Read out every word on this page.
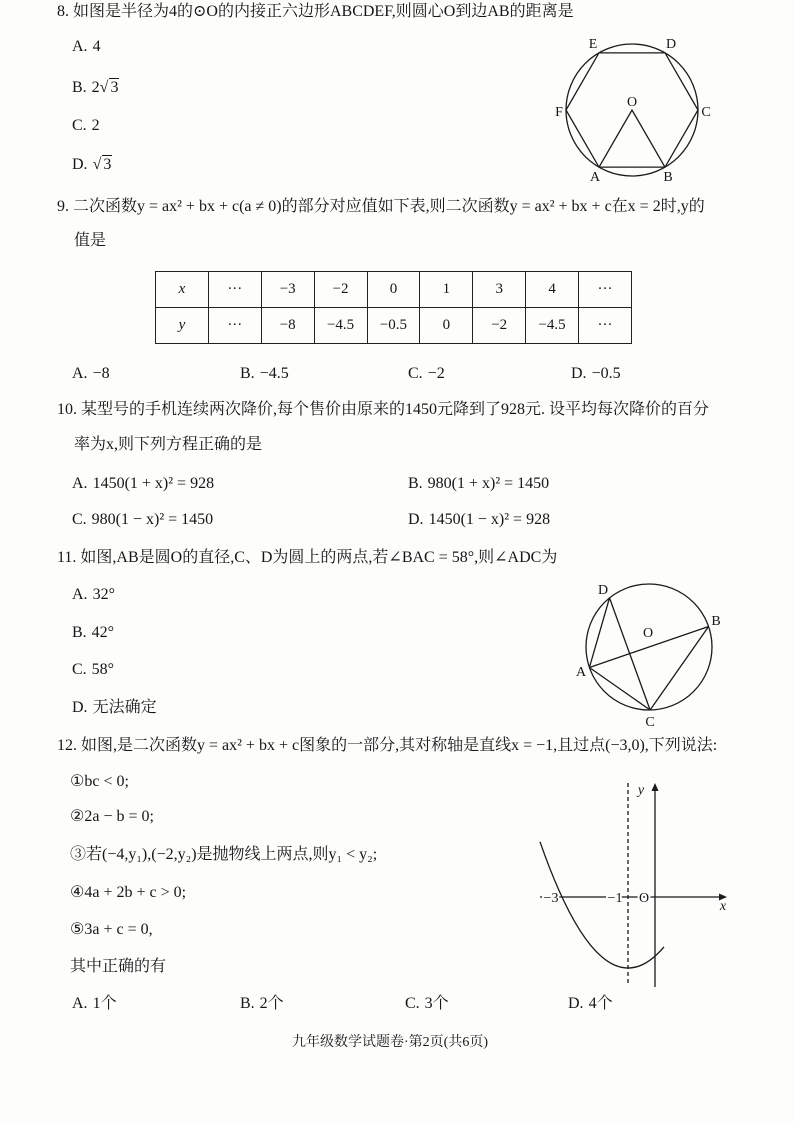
8. 如图是半径为4的⊙O的内接正六边形ABCDEF,则圆心O到边AB的距离是
A. 4
B. 2√ 3
C. 2
D. √ 3
E	D
F	C
A	B
O
9. 二次函数y = ax² + bx + c(a ≠ 0)的部分对应值如下表,则二次函数y = ax² + bx + c在x = 2时,y的
值是
x	···	−3	−2	0	1	3	4	···
y	···	−8	−4.5	−0.5	0	−2	−4.5	···
A. −8	B. −4.5	C. −2	D. −0.5
10. 某型号的手机连续两次降价,每个售价由原来的1450元降到了928元. 设平均每次降价的百分
率为x,则下列方程正确的是
A. 1450(1 + x)² = 928	B. 980(1 + x)² = 1450
C. 980(1 − x)² = 1450	D. 1450(1 − x)² = 928
11. 如图,AB是圆O的直径,C、D为圆上的两点,若∠BAC = 58°,则∠ADC为
A. 32°
B. 42°
C. 58°
D. 无法确定
D
O
B
A
C
12. 如图,是二次函数y = ax² + bx + c图象的一部分,其对称轴是直线x = −1,且过点(−3,0),下列说法:
①bc < 0;
②2a − b = 0;
③若(−4,y₁),(−2,y₂)是抛物线上两点,则y₁ < y₂;
④4a + 2b + c > 0;
⑤3a + c = 0,
其中正确的有
A. 1个	B. 2个	C. 3个	D. 4个
y
x
−3	−1 O
九年级数学试题卷·第2页(共6页)
